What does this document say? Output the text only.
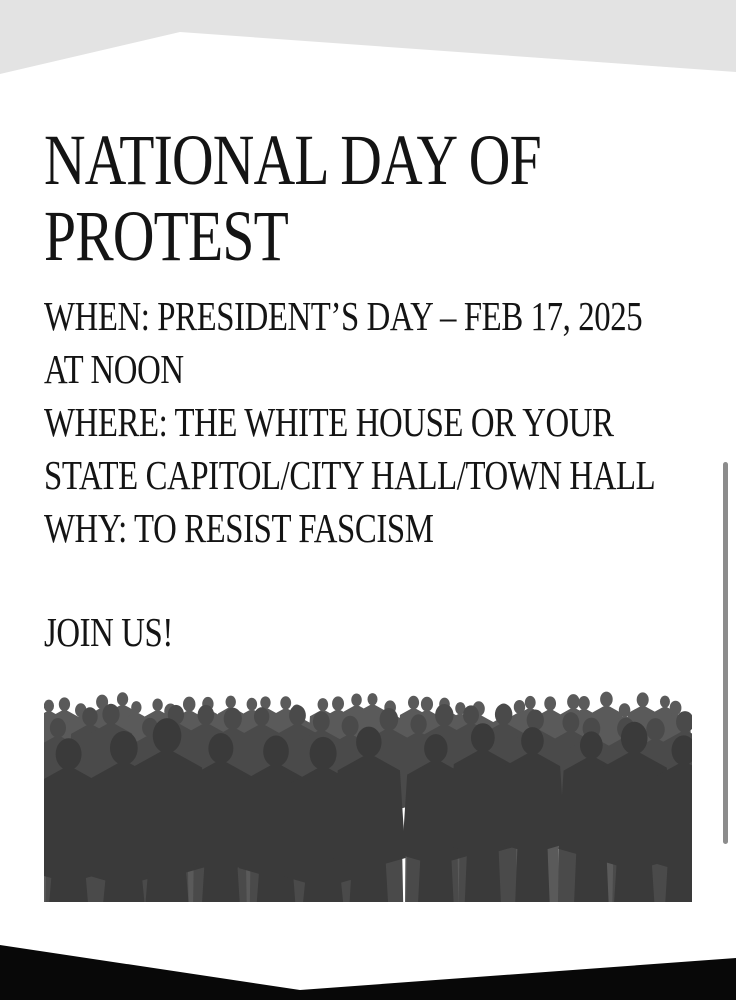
NATIONAL DAY OF
PROTEST
WHEN: PRESIDENT’S DAY – FEB 17, 2025
AT NOON
WHERE: THE WHITE HOUSE OR YOUR
STATE CAPITOL/CITY HALL/TOWN HALL
WHY: TO RESIST FASCISM
JOIN US!
